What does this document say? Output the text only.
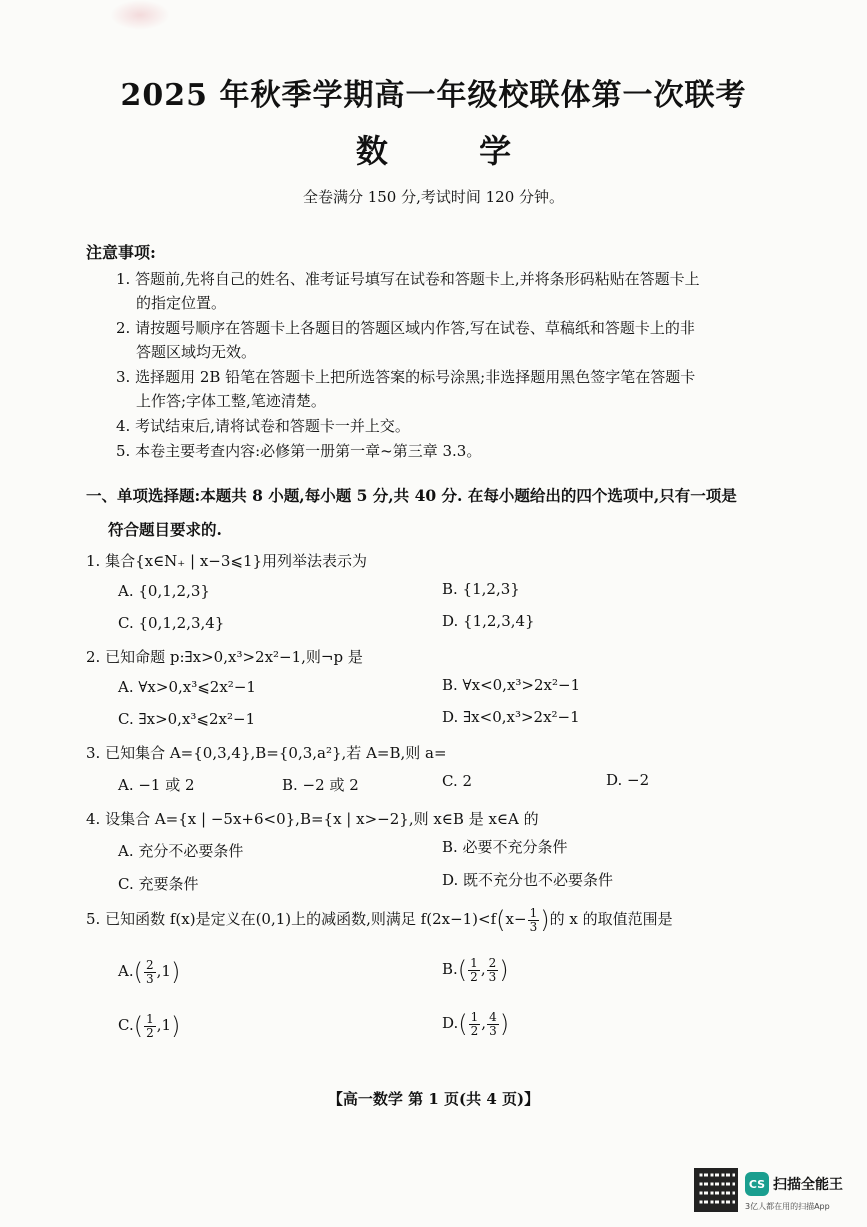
2025 年秋季学期高一年级校联体第一次联考
数 学
全卷满分 150 分,考试时间 120 分钟。
注意事项:
1. 答题前,先将自己的姓名、准考证号填写在试卷和答题卡上,并将条形码粘贴在答题卡上
的指定位置。
2. 请按题号顺序在答题卡上各题目的答题区域内作答,写在试卷、草稿纸和答题卡上的非
答题区域均无效。
3. 选择题用 2B 铅笔在答题卡上把所选答案的标号涂黑;非选择题用黑色签字笔在答题卡
上作答;字体工整,笔迹清楚。
4. 考试结束后,请将试卷和答题卡一并上交。
5. 本卷主要考查内容:必修第一册第一章~第三章 3.3。
一、单项选择题:本题共 8 小题,每小题 5 分,共 40 分. 在每小题给出的四个选项中,只有一项是
符合题目要求的.
1. 集合{x∈N₊ | x−3⩽1}用列举法表示为
A. {0,1,2,3}	B. {1,2,3}
C. {0,1,2,3,4}	D. {1,2,3,4}
2. 已知命题 p:∃x>0,x³>2x²−1,则¬p 是
A. ∀x>0,x³⩽2x²−1	B. ∀x<0,x³>2x²−1
C. ∃x>0,x³⩽2x²−1	D. ∃x<0,x³>2x²−1
3. 已知集合 A={0,3,4},B={0,3,a²},若 A=B,则 a=
A. −1 或 2	B. −2 或 2	C. 2	D. −2
4. 设集合 A={x | −5x+6<0},B={x | x>−2},则 x∈B 是 x∈A 的
A. 充分不必要条件	B. 必要不充分条件
C. 充要条件	D. 既不充分也不必要条件
5. 已知函数 f(x)是定义在(0,1)上的减函数,则满足 $f(2x-1)<f(x- \frac{1}{3}$ )的 x 的取值范围是
$A.( \frac{2}{3} ,1)$	$B.( \frac{1}{2}$ , $\frac{2}{3}$ )
$C.( \frac{1}{2} ,1)$	$D.( \frac{1}{2}$ , $\frac{4}{3}$ )
【高一数学 第 1 页(共 4 页)】
CS 扫描全能王
3亿人都在用的扫描App
